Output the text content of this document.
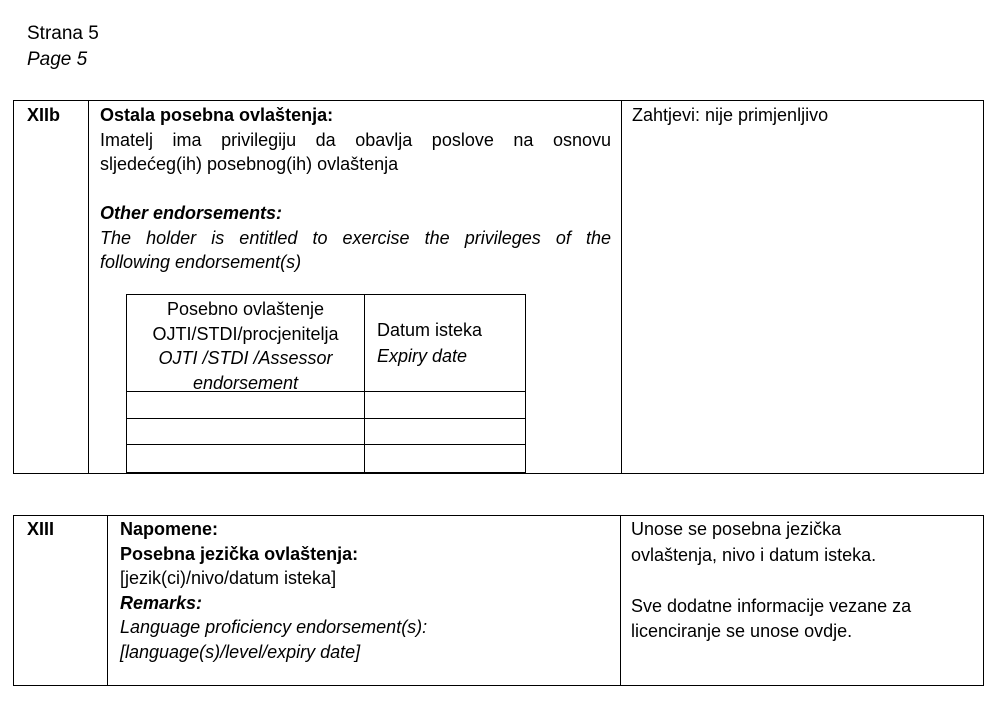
Strana 5
Page 5
XIIb Ostala posebna ovlaštenja:
Imatelj ima privilegiju da obavlja poslove na osnovu
sljedećeg(ih) posebnog(ih) ovlaštenja
Other endorsements:
The holder is entitled to exercise the privileges of the
following endorsement(s)
Zahtjevi: nije primjenljivo
Posebno ovlaštenje
OJTI/STDI/procjenitelja
OJTI /STDI /Assessor
endorsement
Datum isteka
Expiry date
XIII	Napomene:
Posebna jezička ovlaštenja:
[jezik(ci)/nivo/datum isteka]
Remarks:
Language proficiency endorsement(s):
[language(s)/level/expiry date]
Unose se posebna jezička
ovlaštenja, nivo i datum isteka.
Sve dodatne informacije vezane za
licenciranje se unose ovdje.
